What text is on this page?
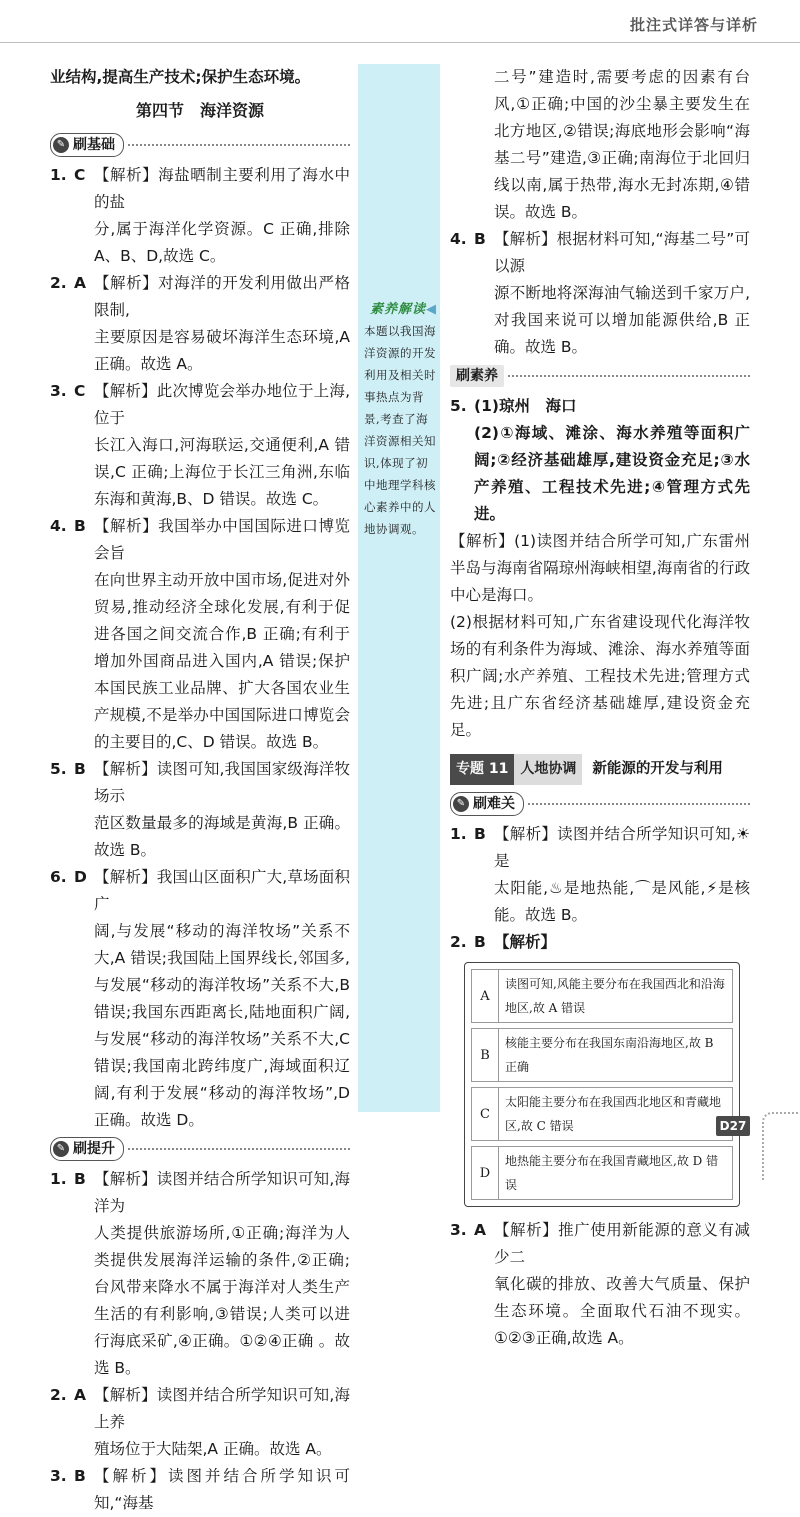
批注式详答与详析

业结构,提高生产技术;保护生态环境。

第四节　海洋资源
✎ 刷基础
1. C 【解析】海盐晒制主要利用了海水中的盐

分,属于海洋化学资源。C 正确,排除 A、B、D,故选 C。

2. A 【解析】对海洋的开发利用做出严格限制,

主要原因是容易破坏海洋生态环境,A 正确。故选 A。

3. C 【解析】此次博览会举办地位于上海,位于

长江入海口,河海联运,交通便利,A 错误,C 正确;上海位于长江三角洲,东临东海和黄海,B、D 错误。故选 C。

4. B 【解析】我国举办中国国际进口博览会旨

在向世界主动开放中国市场,促进对外贸易,推动经济全球化发展,有利于促进各国之间交流合作,B 正确;有利于增加外国商品进入国内,A 错误;保护本国民族工业品牌、扩大各国农业生产规模,不是举办中国国际进口博览会的主要目的,C、D 错误。故选 B。

5. B 【解析】读图可知,我国国家级海洋牧场示

范区数量最多的海域是黄海,B 正确。故选 B。

6. D 【解析】我国山区面积广大,草场面积广

阔,与发展“移动的海洋牧场”关系不大,A 错误;我国陆上国界线长,邻国多,与发展“移动的海洋牧场”关系不大,B 错误;我国东西距离长,陆地面积广阔,与发展“移动的海洋牧场”关系不大,C 错误;我国南北跨纬度广,海域面积辽阔,有利于发展“移动的海洋牧场”,D 正确。故选 D。

✎ 刷提升
1. B 【解析】读图并结合所学知识可知,海洋为

人类提供旅游场所,①正确;海洋为人类提供发展海洋运输的条件,②正确;台风带来降水不属于海洋对人类生产生活的有利影响,③错误;人类可以进行海底采矿,④正确。①②④正确 。故选 B。

2. A 【解析】读图并结合所学知识可知,海上养

殖场位于大陆架,A 正确。故选 A。

3. B 【解析】读图并结合所学知识可知,“海基
素养解读◀
本题以我国海洋资源的开发利用及相关时事热点为背景,考查了海洋资源相关知识,体现了初中地理学科核心素养中的人地协调观。

二号”建造时,需要考虑的因素有台风,①正确;中国的沙尘暴主要发生在北方地区,②错误;海底地形会影响“海基二号”建造,③正确;南海位于北回归线以南,属于热带,海水无封冻期,④错误。故选 B。

4. B 【解析】根据材料可知,“海基二号”可以源

源不断地将深海油气输送到千家万户,对我国来说可以增加能源供给,B 正确。故选 B。

刷素养
5. (1)琼州　海口

(2)①海域、滩涂、海水养殖等面积广阔;②经济基础雄厚,建设资金充足;③水产养殖、工程技术先进;④管理方式先进。

【解析】(1)读图并结合所学可知,广东雷州半岛与海南省隔琼州海峡相望,海南省的行政中心是海口。

(2)根据材料可知,广东省建设现代化海洋牧场的有利条件为海域、滩涂、海水养殖等面积广阔;水产养殖、工程技术先进;管理方式先进;且广东省经济基础雄厚,建设资金充足。

专题 11 人地协调	新能源的开发与利用
✎ 刷难关
1. B 【解析】读图并结合所学知识可知,☀是

太阳能,♨是地热能,⌒是风能,⚡是核能。故选 B。

2. B 【解析】
A
读图可知,风能主要分布在我国西北和沿海地区,故 A 错误
B
核能主要分布在我国东南沿海地区,故 B 正确
C
太阳能主要分布在我国西北地区和青藏地区,故 C 错误
D
地热能主要分布在我国青藏地区,故 D 错误
3. A 【解析】推广使用新能源的意义有减少二

氧化碳的排放、改善大气质量、保护生态环境。全面取代石油不现实。①②③正确,故选 A。

D27
